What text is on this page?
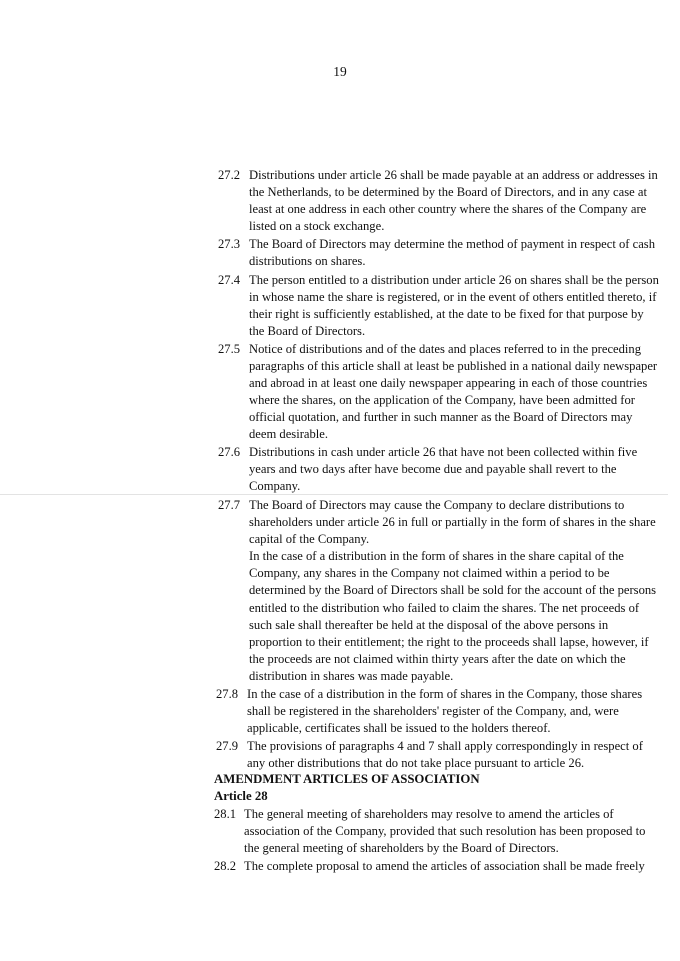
19
27.2 Distributions under article 26 shall be made payable at an address or addresses in the Netherlands, to be determined by the Board of Directors, and in any case at least at one address in each other country where the shares of the Company are listed on a stock exchange.
27.3 The Board of Directors may determine the method of payment in respect of cash distributions on shares.
27.4 The person entitled to a distribution under article 26 on shares shall be the person in whose name the share is registered, or in the event of others entitled thereto, if their right is sufficiently established, at the date to be fixed for that purpose by the Board of Directors.
27.5 Notice of distributions and of the dates and places referred to in the preceding paragraphs of this article shall at least be published in a national daily newspaper and abroad in at least one daily newspaper appearing in each of those countries where the shares, on the application of the Company, have been admitted for official quotation, and further in such manner as the Board of Directors may deem desirable.
27.6 Distributions in cash under article 26 that have not been collected within five years and two days after have become due and payable shall revert to the Company.
27.7 The Board of Directors may cause the Company to declare distributions to shareholders under article 26 in full or partially in the form of shares in the share capital of the Company.
In the case of a distribution in the form of shares in the share capital of the Company, any shares in the Company not claimed within a period to be determined by the Board of Directors shall be sold for the account of the persons entitled to the distribution who failed to claim the shares. The net proceeds of such sale shall thereafter be held at the disposal of the above persons in proportion to their entitlement; the right to the proceeds shall lapse, however, if the proceeds are not claimed within thirty years after the date on which the distribution in shares was made payable.
27.8 In the case of a distribution in the form of shares in the Company, those shares shall be registered in the shareholders' register of the Company, and, were applicable, certificates shall be issued to the holders thereof.
27.9 The provisions of paragraphs 4 and 7 shall apply correspondingly in respect of any other distributions that do not take place pursuant to article 26.
AMENDMENT ARTICLES OF ASSOCIATION
Article 28
28.1 The general meeting of shareholders may resolve to amend the articles of association of the Company, provided that such resolution has been proposed to the general meeting of shareholders by the Board of Directors.
28.2 The complete proposal to amend the articles of association shall be made freely
